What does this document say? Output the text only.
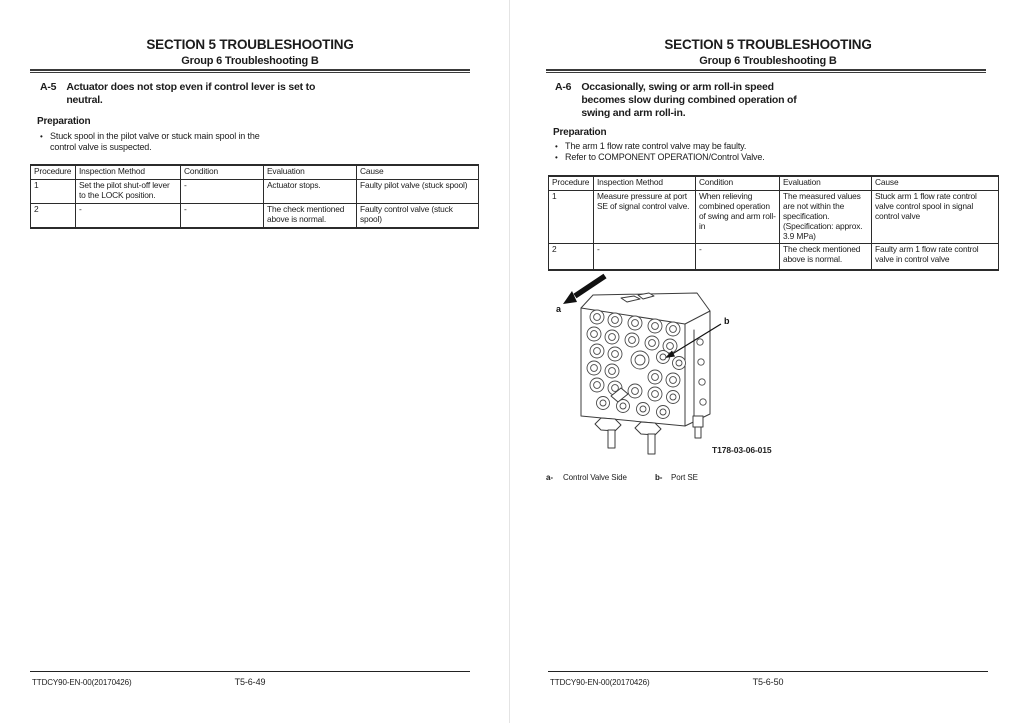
SECTION 5 TROUBLESHOOTING
Group 6 Troubleshooting B
A-5 Actuator does not stop even if control lever is set to neutral.
Preparation
• Stuck spool in the pilot valve or stuck main spool in the control valve is suspected.
Procedure	Inspection Method	Condition	Evaluation	Cause
1	Set the pilot shut-off lever to the LOCK position.	-	Actuator stops.	Faulty pilot valve (stuck spool)
2	-	-	The check mentioned above is normal.	Faulty control valve (stuck spool)
TTDCY90-EN-00(20170426)	T5-6-49
SECTION 5 TROUBLESHOOTING
Group 6 Troubleshooting B
A-6 Occasionally, swing or arm roll-in speed becomes slow during combined operation of swing and arm roll-in.
Preparation
• The arm 1 flow rate control valve may be faulty.
• Refer to COMPONENT OPERATION/Control Valve.
Procedure	Inspection Method	Condition	Evaluation	Cause
1	Measure pressure at port SE of signal control valve.	When relieving combined operation of swing and arm roll-in	The measured values are not within the specification. (Specification: approx. 3.9 MPa)	Stuck arm 1 flow rate control valve control spool in signal control valve
2	-	-	The check mentioned above is normal.	Faulty arm 1 flow rate control valve in control valve
a
b
T178-03-06-015
a- Control Valve Side	b- Port SE
TTDCY90-EN-00(20170426)	T5-6-50
